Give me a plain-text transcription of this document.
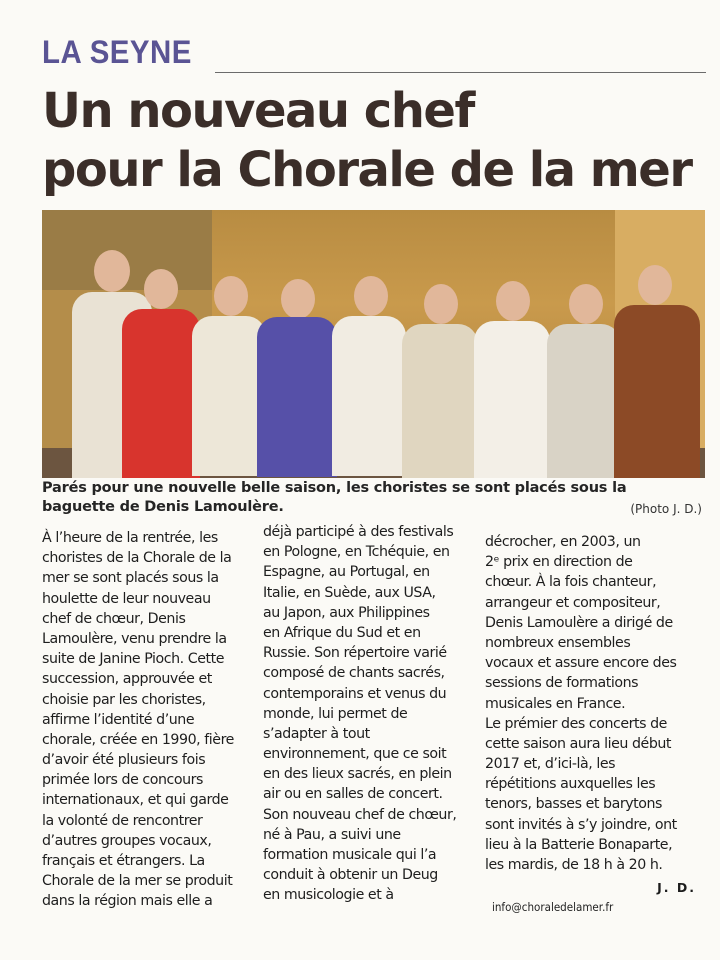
LA SEYNE
Un nouveau chef
pour la Chorale de la mer
Parés pour une nouvelle belle saison, les choristes se sont placés sous la
baguette de Denis Lamoulère.	(Photo J. D.)
À l’heure de la rentrée, les
choristes de la Chorale de la
mer se sont placés sous la
houlette de leur nouveau
chef de chœur, Denis
Lamoulère, venu prendre la
suite de Janine Pioch. Cette
succession, approuvée et
choisie par les choristes,
affirme l’identité d’une
chorale, créée en 1990, fière
d’avoir été plusieurs fois
primée lors de concours
internationaux, et qui garde
la volonté de rencontrer
d’autres groupes vocaux,
français et étrangers. La
Chorale de la mer se produit
dans la région mais elle a
déjà participé à des festivals
en Pologne, en Tchéquie, en
Espagne, au Portugal, en
Italie, en Suède, aux USA,
au Japon, aux Philippines
en Afrique du Sud et en
Russie. Son répertoire varié
composé de chants sacrés,
contemporains et venus du
monde, lui permet de
s’adapter à tout
environnement, que ce soit
en des lieux sacrés, en plein
air ou en salles de concert.
Son nouveau chef de chœur,
né à Pau, a suivi une
formation musicale qui l’a
conduit à obtenir un Deug
en musicologie et à
décrocher, en 2003, un
2ᵉ prix en direction de
chœur. À la fois chanteur,
arrangeur et compositeur,
Denis Lamoulère a dirigé de
nombreux ensembles
vocaux et assure encore des
sessions de formations
musicales en France.
Le prémier des concerts de
cette saison aura lieu début
2017 et, d’ici-là, les
répétitions auxquelles les
tenors, basses et barytons
sont invités à s’y joindre, ont
lieu à la Batterie Bonaparte,
les mardis, de 18 h à 20 h.
J. D.
info@choraledelamer.fr
